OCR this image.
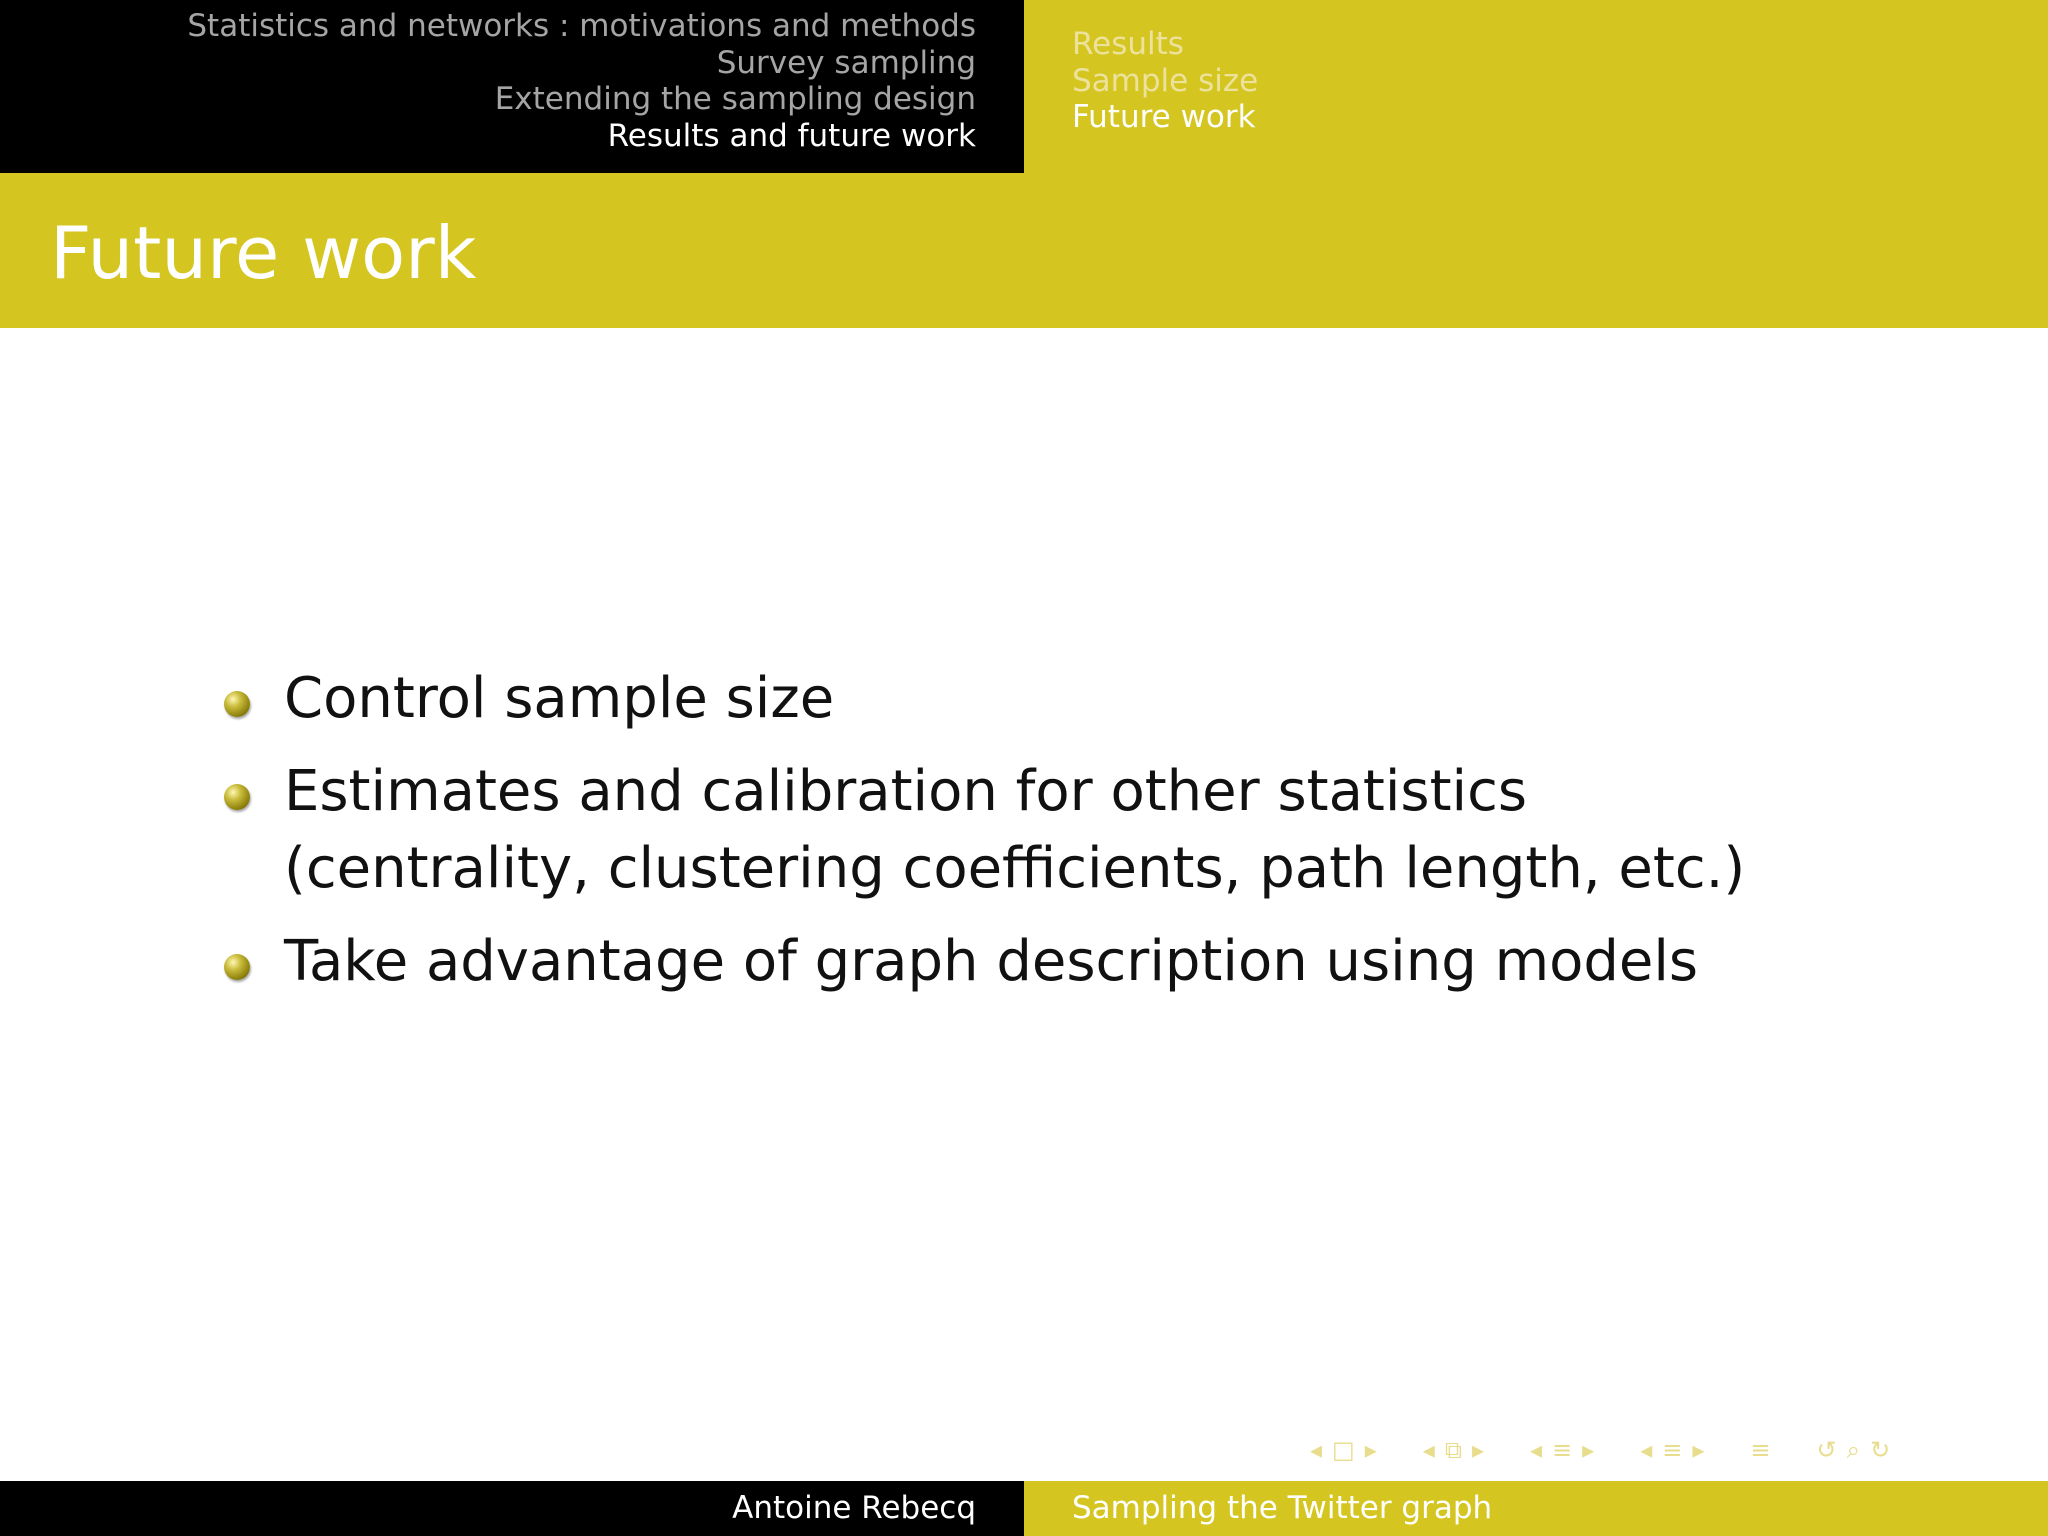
Statistics and networks : motivations and methods
Survey sampling
Extending the sampling design
Results and future work
Results
Sample size
Future work
Future work
Control sample size
Estimates and calibration for other statistics (centrality, clustering coefficients, path length, etc.)
Take advantage of graph description using models
◂ □ ▸ ◂ ⧉ ▸ ◂ ≡ ▸ ◂ ≡ ▸ ≡ ↺ ⌕ ↻
Antoine Rebecq	Sampling the Twitter graph
